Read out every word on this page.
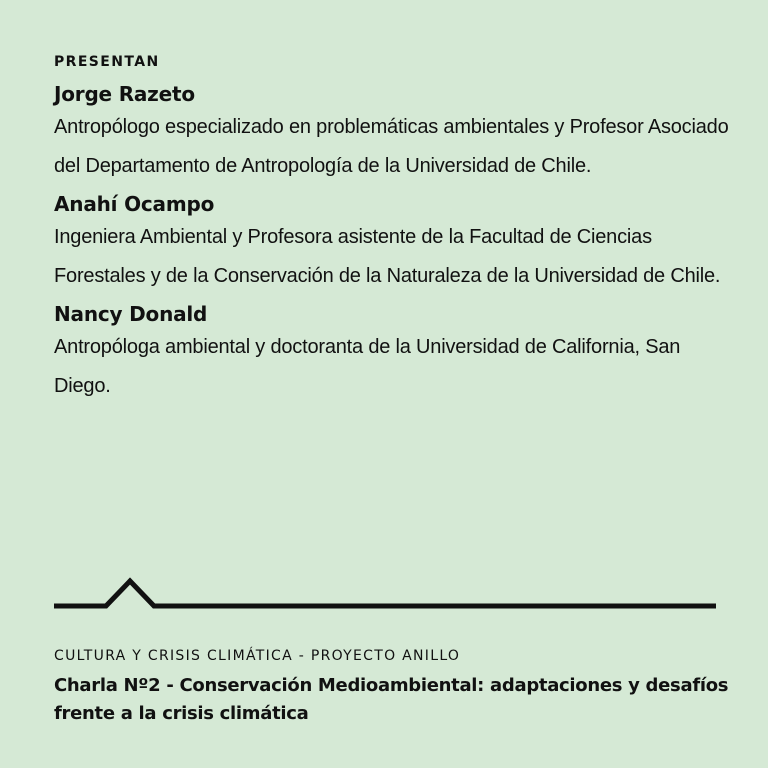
PRESENTAN
Jorge Razeto
Antropólogo especializado en problemáticas ambientales y Profesor Asociado del Departamento de Antropología de la Universidad de Chile.
Anahí Ocampo
Ingeniera Ambiental y Profesora asistente de la Facultad de Ciencias Forestales y de la Conservación de la Naturaleza de la Universidad de Chile.
Nancy Donald
Antropóloga ambiental y doctoranta de la Universidad de California, San Diego.
CULTURA Y CRISIS CLIMÁTICA - PROYECTO ANILLO
Charla Nº2 - Conservación Medioambiental: adaptaciones y desafíos frente a la crisis climática
